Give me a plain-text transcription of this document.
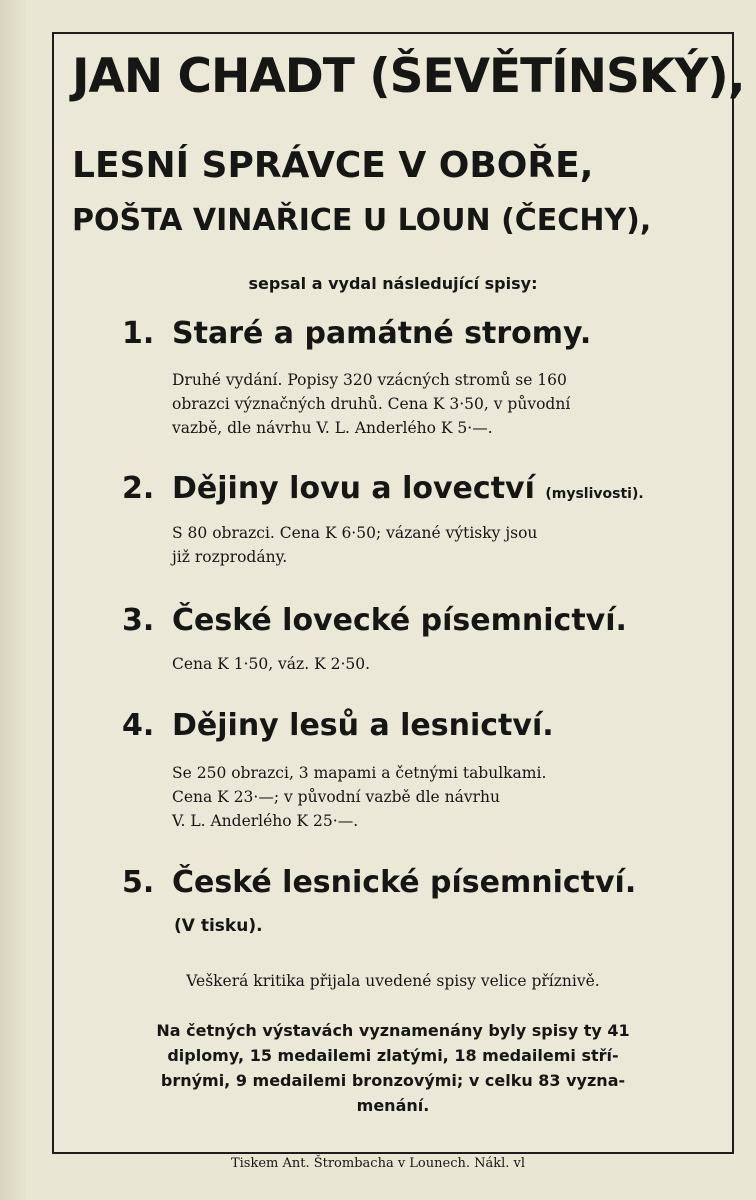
JAN CHADT (ŠEVĚTÍNSKÝ),
LESNÍ SPRÁVCE V OBOŘE,
POŠTA VINAŘICE U LOUN (ČECHY),
sepsal a vydal následující spisy:
1. Staré a památné stromy.
Druhé vydání. Popisy 320 vzácných stromů se 160
obrazci význačných druhů. Cena K 3·50, v původní
vazbě, dle návrhu V. L. Anderlého K 5·—.
2. Dějiny lovu a lovectví (myslivosti).
S 80 obrazci. Cena K 6·50; vázané výtisky jsou
již rozprodány.
3. České lovecké písemnictví.
Cena K 1·50, váz. K 2·50.
4. Dějiny lesů a lesnictví.
Se 250 obrazci, 3 mapami a četnými tabulkami.
Cena K 23·—; v původní vazbě dle návrhu
V. L. Anderlého K 25·—.
5. České lesnické písemnictví.
(V tisku).
Veškerá kritika přijala uvedené spisy velice příznivě.
Na četných výstavách vyznamenány byly spisy ty 41
diplomy, 15 medailemi zlatými, 18 medailemi stří-
brnými, 9 medailemi bronzovými; v celku 83 vyzna-
menání.
Tiskem Ant. Štrombacha v Lounech. Nákl. vl
